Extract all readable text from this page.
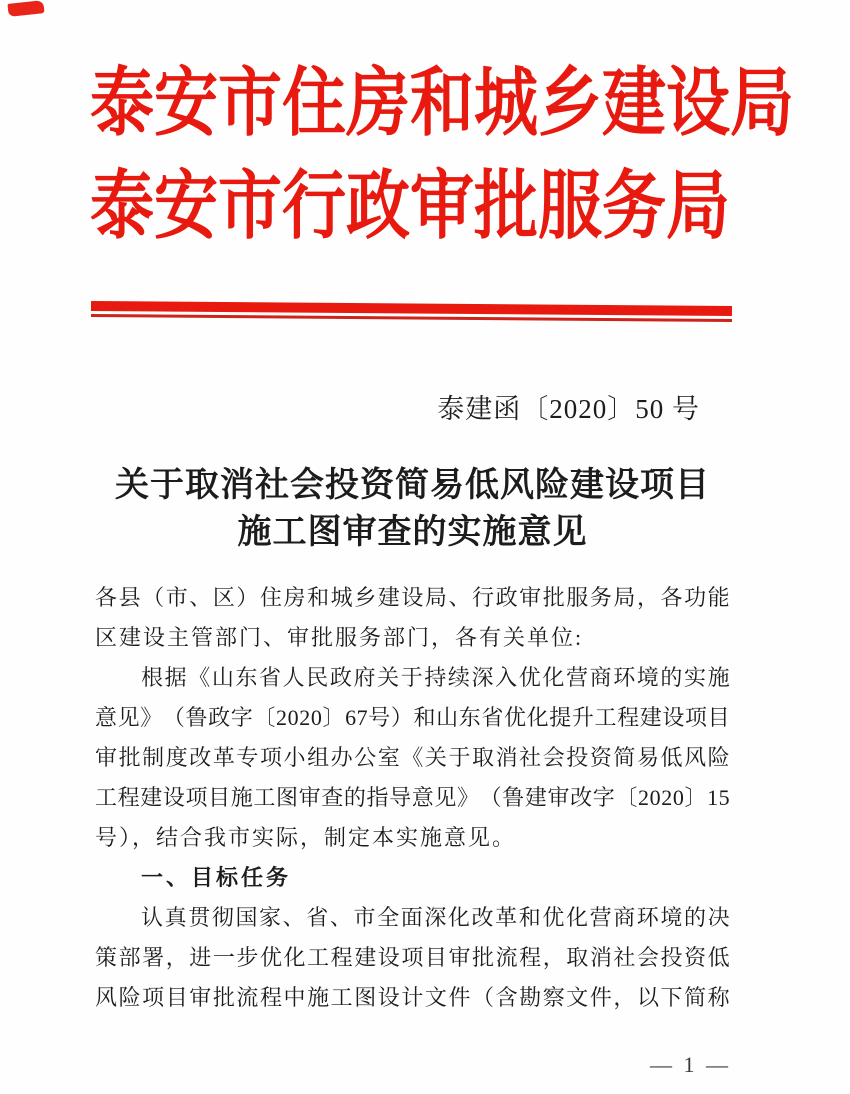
泰安市住房和城乡建设局
泰安市行政审批服务局
泰建函〔2020〕50 号
关于取消社会投资简易低风险建设项目
施工图审查的实施意见
各 县 （ 市 、 区 ） 住 房 和 城 乡 建 设 局 、 行 政 审 批 服 务 局 ， 各 功 能
区建设主管部门、审批服务部门，各有关单位:
根 据 《 山 东 省 人 民 政 府 关 于 持 续 深 入 优 化 营 商 环 境 的 实 施
意 见 》 （ 鲁 政 字 〔 2 0 2 0 〕 6 7 号 ） 和 山 东 省 优 化 提 升 工 程 建 设 项 目
审 批 制 度 改 革 专 项 小 组 办 公 室 《 关 于 取 消 社 会 投 资 简 易 低 风 险
工 程 建 设 项 目 施 工 图 审 查 的 指 导 意 见 》 （ 鲁 建 审 改 字 〔 2 0 2 0 〕 1 5
号），结合我市实际，制定本实施意见。
一、目标任务
认 真 贯 彻 国 家 、 省 、 市 全 面 深 化 改 革 和 优 化 营 商 环 境 的 决
策 部 署 ， 进 一 步 优 化 工 程 建 设 项 目 审 批 流 程 ， 取 消 社 会 投 资 低
风 险 项 目 审 批 流 程 中 施 工 图 设 计 文 件 （ 含 勘 察 文 件 ， 以 下 简 称
— 1 —
